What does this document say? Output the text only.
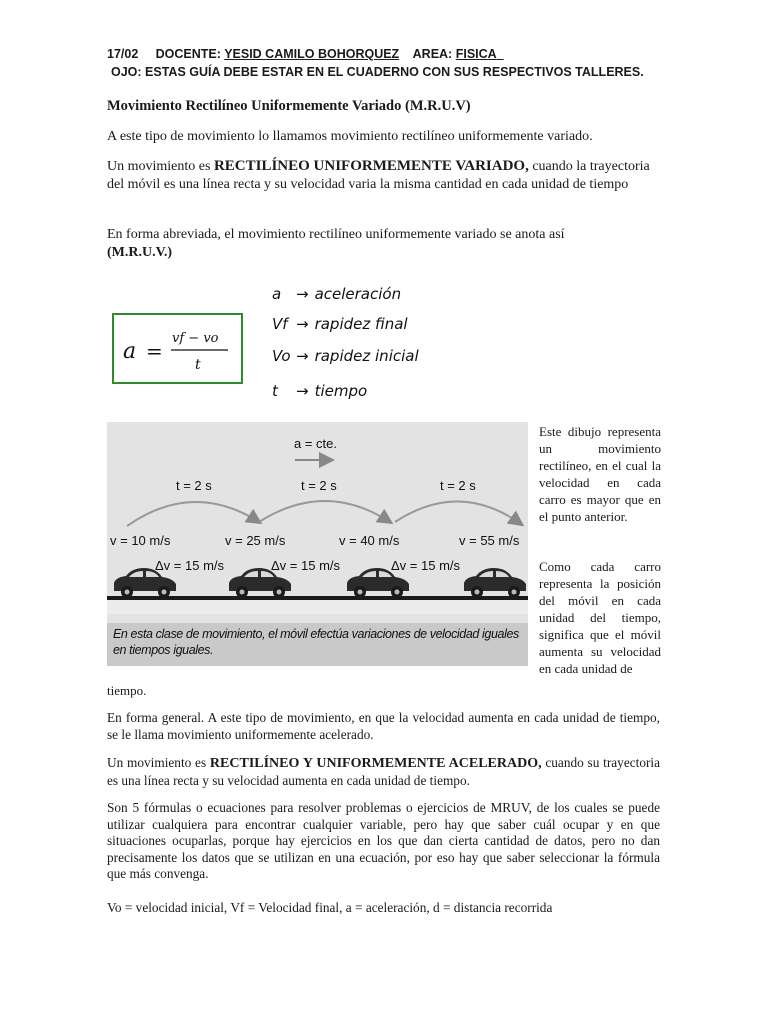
17/02 DOCENTE: YESID CAMILO BOHORQUEZ AREA: FISICA
OJO: ESTAS GUÍA DEBE ESTAR EN EL CUADERNO CON SUS RESPECTIVOS TALLERES.
Movimiento Rectilíneo Uniformemente Variado (M.R.U.V)
A este tipo de movimiento lo llamamos movimiento rectilíneo uniformemente variado.
Un movimiento es RECTILÍNEO UNIFORMEMENTE VARIADO, cuando la trayectoria del móvil es una línea recta y su velocidad varia la misma cantidad en cada unidad de tiempo
En forma abreviada, el movimiento rectilíneo uniformemente variado se anota así
(M.R.U.V.)
a =
vf − vo
t
a → aceleración
Vf → rapidez final
Vo → rapidez inicial
t → tiempo
a = cte.
t = 2 s	t = 2 s	t = 2 s
v = 10 m/s	v = 25 m/s	v = 40 m/s	v = 55 m/s
Δv = 15 m/s	Δv = 15 m/s	Δv = 15 m/s
En esta clase de movimiento, el móvil efectúa variaciones de velocidad iguales en tiempos iguales.
Este dibujo representa un movimiento rectilíneo, en el cual la velocidad en cada carro es mayor que en el punto anterior.
Como cada carro representa la posición del móvil en cada unidad del tiempo, significa que el móvil aumenta su velocidad en cada unidad de
tiempo.
En forma general. A este tipo de movimiento, en que la velocidad aumenta en cada unidad de tiempo, se le llama movimiento uniformemente acelerado.
Un movimiento es RECTILÍNEO Y UNIFORMEMENTE ACELERADO, cuando su trayectoria es una línea recta y su velocidad aumenta en cada unidad de tiempo.
Son 5 fórmulas o ecuaciones para resolver problemas o ejercicios de MRUV, de los cuales se puede utilizar cualquiera para encontrar cualquier variable, pero hay que saber cuál ocupar y en que situaciones ocuparlas, porque hay ejercicios en los que dan cierta cantidad de datos, pero no dan precisamente los datos que se utilizan en una ecuación, por eso hay que saber seleccionar la fórmula que más convenga.
Vo = velocidad inicial, Vf = Velocidad final, a = aceleración, d = distancia recorrida
